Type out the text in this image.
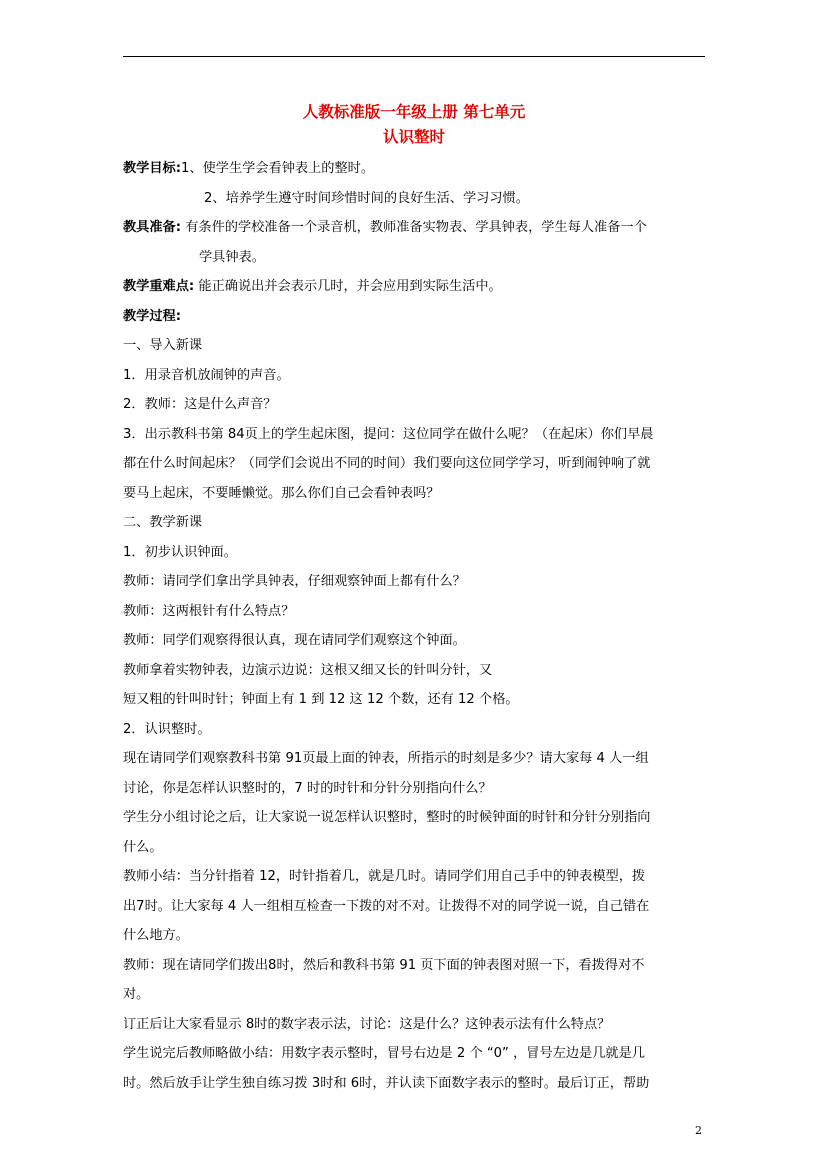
人教标准版一年级上册 第七单元

认识整时

教学目标:1、使学生学会看钟表上的整时。

2、培养学生遵守时间珍惜时间的良好生活、学习习惯。

教具准备: 有条件的学校准备一个录音机，教师准备实物表、学具钟表，学生每人准备一个

学具钟表。

教学重难点: 能正确说出并会表示几时，并会应用到实际生活中。

教学过程:

一、导入新课

1．用录音机放闹钟的声音。

2．教师：这是什么声音？

3．出示教科书第 84页上的学生起床图，提问：这位同学在做什么呢？（在起床）你们早晨

都在什么时间起床？（同学们会说出不同的时间）我们要向这位同学学习，听到闹钟响了就

要马上起床，不要睡懒觉。那么你们自己会看钟表吗？

二、教学新课

1．初步认识钟面。

教师：请同学们拿出学具钟表，仔细观察钟面上都有什么？

教师：这两根针有什么特点？

教师：同学们观察得很认真，现在请同学们观察这个钟面。

教师拿着实物钟表，边演示边说：这根又细又长的针叫分针，又

短又粗的针叫时针；钟面上有 1 到 12 这 12 个数，还有 12 个格。

2．认识整时。

现在请同学们观察教科书第 91页最上面的钟表，所指示的时刻是多少？请大家每 4 人一组

讨论，你是怎样认识整时的，7 时的时针和分针分别指向什么？

学生分小组讨论之后，让大家说一说怎样认识整时，整时的时候钟面的时针和分针分别指向

什么。

教师小结：当分针指着 12，时针指着几，就是几时。请同学们用自己手中的钟表模型，拨

出7时。让大家每 4 人一组相互检查一下拨的对不对。让拨得不对的同学说一说，自己错在

什么地方。

教师：现在请同学们拨出8时，然后和教科书第 91 页下面的钟表图对照一下，看拨得对不

对。

订正后让大家看显示 8时的数字表示法，讨论：这是什么？这钟表示法有什么特点？

学生说完后教师略做小结：用数字表示整时，冒号右边是 2 个 “0” ，冒号左边是几就是几

时。然后放手让学生独自练习拨 3时和 6时，并认读下面数字表示的整时。最后订正，帮助

2
